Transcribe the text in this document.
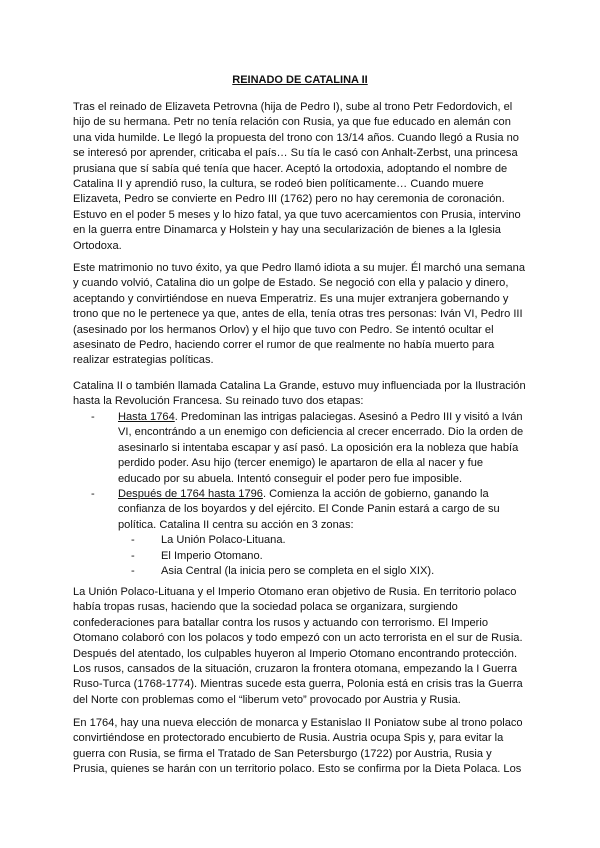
REINADO DE CATALINA II

Tras el reinado de Elizaveta Petrovna (hija de Pedro I), sube al trono Petr Fedordovich, el hijo de su hermana. Petr no tenía relación con Rusia, ya que fue educado en alemán con una vida humilde. Le llegó la propuesta del trono con 13/14 años. Cuando llegó a Rusia no se interesó por aprender, criticaba el país… Su tía le casó con Anhalt-Zerbst, una princesa prusiana que sí sabía qué tenía que hacer. Aceptó la ortodoxia, adoptando el nombre de Catalina II y aprendió ruso, la cultura, se rodeó bien políticamente… Cuando muere Elizaveta, Pedro se convierte en Pedro III (1762) pero no hay ceremonia de coronación. Estuvo en el poder 5 meses y lo hizo fatal, ya que tuvo acercamientos con Prusia, intervino en la guerra entre Dinamarca y Holstein y hay una secularización de bienes a la Iglesia Ortodoxa.

Este matrimonio no tuvo éxito, ya que Pedro llamó idiota a su mujer. Él marchó una semana y cuando volvió, Catalina dio un golpe de Estado. Se negoció con ella y palacio y dinero, aceptando y convirtiéndose en nueva Emperatriz. Es una mujer extranjera gobernando y trono que no le pertenece ya que, antes de ella, tenía otras tres personas: Iván VI, Pedro III (asesinado por los hermanos Orlov) y el hijo que tuvo con Pedro. Se intentó ocultar el asesinato de Pedro, haciendo correr el rumor de que realmente no había muerto para realizar estrategias políticas.

Catalina II o también llamada Catalina La Grande, estuvo muy influenciada por la Ilustración hasta la Revolución Francesa. Su reinado tuvo dos etapas:

- Hasta 1764. Predominan las intrigas palaciegas. Asesinó a Pedro III y visitó a Iván VI, encontrándo a un enemigo con deficiencia al crecer encerrado. Dio la orden de asesinarlo si intentaba escapar y así pasó. La oposición era la nobleza que había perdido poder. Asu hijo (tercer enemigo) le apartaron de ella al nacer y fue educado por su abuela. Intentó conseguir el poder pero fue imposible.
- Después de 1764 hasta 1796. Comienza la acción de gobierno, ganando la confianza de los boyardos y del ejército. El Conde Panin estará a cargo de su política. Catalina II centra su acción en 3 zonas:
- La Unión Polaco-Lituana.
- El Imperio Otomano.
- Asia Central (la inicia pero se completa en el siglo XIX).

La Unión Polaco-Lituana y el Imperio Otomano eran objetivo de Rusia. En territorio polaco había tropas rusas, haciendo que la sociedad polaca se organizara, surgiendo confederaciones para batallar contra los rusos y actuando con terrorismo. El Imperio Otomano colaboró con los polacos y todo empezó con un acto terrorista en el sur de Rusia. Después del atentado, los culpables huyeron al Imperio Otomano encontrando protección. Los rusos, cansados de la situación, cruzaron la frontera otomana, empezando la I Guerra Ruso-Turca (1768-1774). Mientras sucede esta guerra, Polonia está en crisis tras la Guerra del Norte con problemas como el “liberum veto” provocado por Austria y Rusia.

En 1764, hay una nueva elección de monarca y Estanislao II Poniatow sube al trono polaco convirtiéndose en protectorado encubierto de Rusia. Austria ocupa Spis y, para evitar la guerra con Rusia, se firma el Tratado de San Petersburgo (1722) por Austria, Rusia y Prusia, quienes se harán con un territorio polaco. Esto se confirma por la Dieta Polaca. Los
